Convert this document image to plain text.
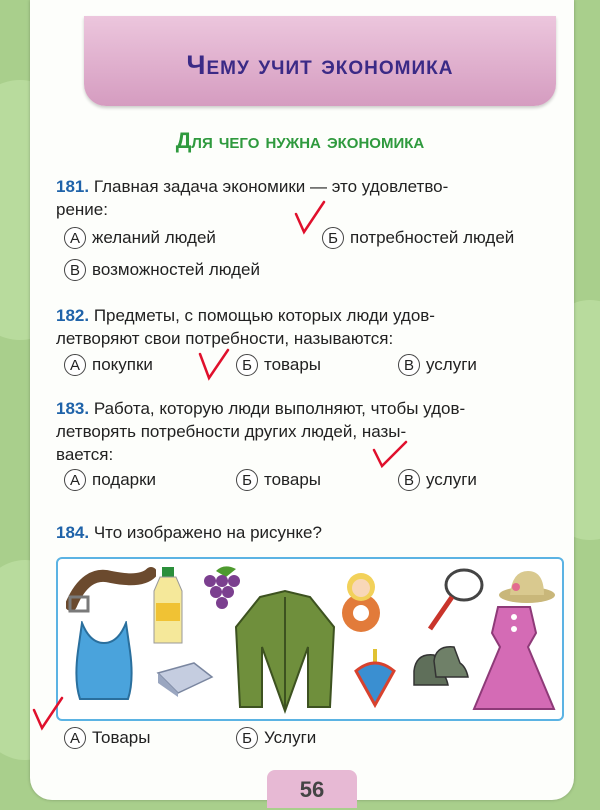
Чему учит экономика
Для чего нужна экономика
181. Главная задача экономики — это удовлетво-
рение:
А желаний людей	Б потребностей людей
В возможностей людей
182. Предметы, с помощью которых люди удов-
летворяют свои потребности, называются:
А покупки	Б товары	В услуги
183. Работа, которую люди выполняют, чтобы удов-
летворять потребности других людей, назы-
вается:
А подарки	Б товары	В услуги
184. Что изображено на рисунке?
А Товары	Б Услуги
56
